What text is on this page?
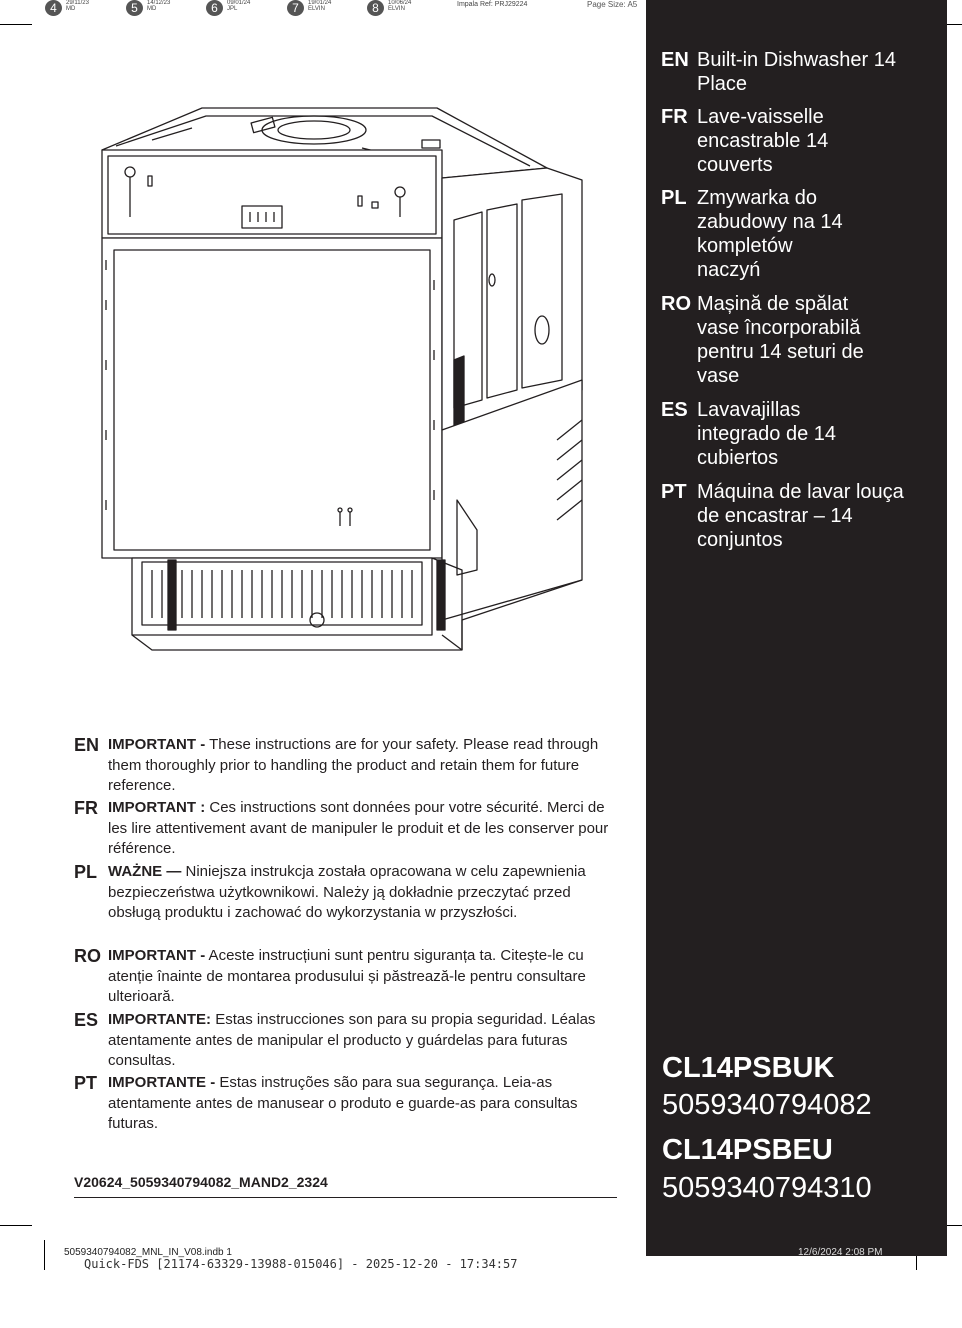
4	29/11/23
MD	5	14/12/23
MD	6	09/01/24
JPL	7	19/01/24
ELVIN	8	10/06/24
ELVIN
Impala Ref: PRJ29224	Page Size: A5
EN Built-in Dishwasher 14 Place
FR Lave-vaisselle encastrable 14 couverts
PL Zmywarka do zabudowy na 14 kompletów naczyń
RO Mașină de spălat vase încorporabilă pentru 14 seturi de vase
ES Lavavajillas integrado de 14 cubiertos
PT Máquina de lavar louça de encastrar – 14 conjuntos
CL14PSBUK
5059340794082
CL14PSBEU
5059340794310
EN IMPORTANT - These instructions are for your safety. Please read through them thoroughly prior to handling the product and retain them for future reference.
FR IMPORTANT : Ces instructions sont données pour votre sécurité. Merci de les lire attentivement avant de manipuler le produit et de les conserver pour référence.
PL WAŻNE — Niniejsza instrukcja została opracowana w celu zapewnienia bezpieczeństwa użytkownikowi. Należy ją dokładnie przeczytać przed obsługą produktu i zachować do wykorzystania w przyszłości.
RO IMPORTANT - Aceste instrucțiuni sunt pentru siguranța ta. Citește-le cu atenție înainte de montarea produsului și păstrează-le pentru consultare ulterioară.
ES IMPORTANTE: Estas instrucciones son para su propia seguridad. Léalas atentamente antes de manipular el producto y guárdelas para futuras consultas.
PT IMPORTANTE - Estas instruções são para sua segurança. Leia-as atentamente antes de manusear o produto e guarde-as para consultas futuras.
V20624_5059340794082_MAND2_2324
5059340794082_MNL_IN_V08.indb 1
Quick-FDS [21174-63329-13988-015046] - 2025-12-20 - 17:34:57
12/6/2024 2:08 PM
